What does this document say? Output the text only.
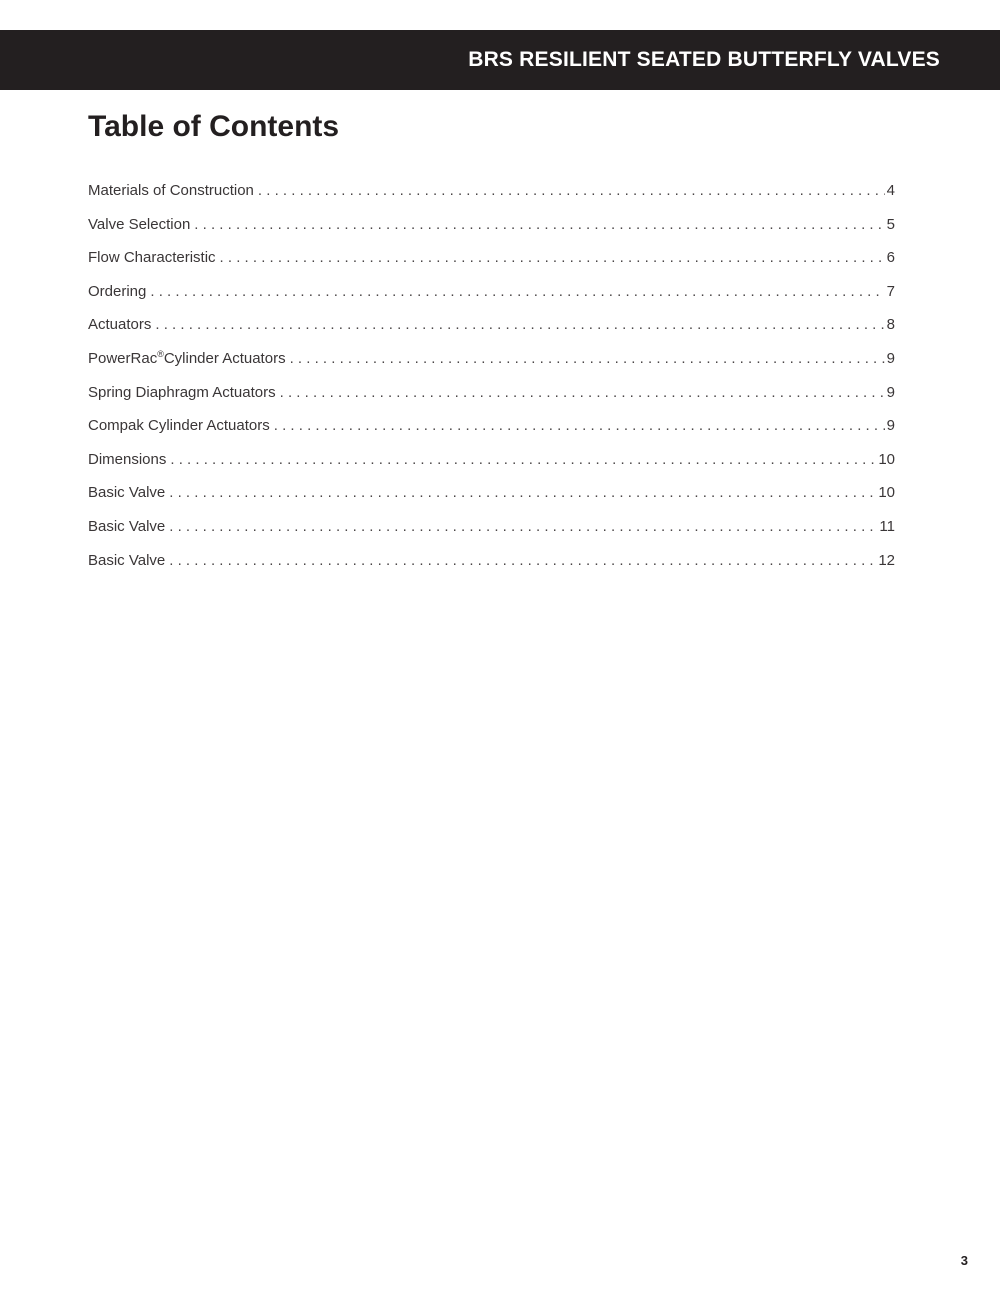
BRS RESILIENT SEATED BUTTERFLY VALVES
Table of Contents
Materials of Construction . . .	4
Valve Selection . . .	5
Flow Characteristic . . .	6
Ordering . . .	7
Actuators . . .	8
PowerRac®Cylinder Actuators . . .	9
Spring Diaphragm Actuators . . .	9
Compak Cylinder Actuators . . .	9
Dimensions . . .	10
Basic Valve . . .	10
Basic Valve . . .	11
Basic Valve . . .	12
3
